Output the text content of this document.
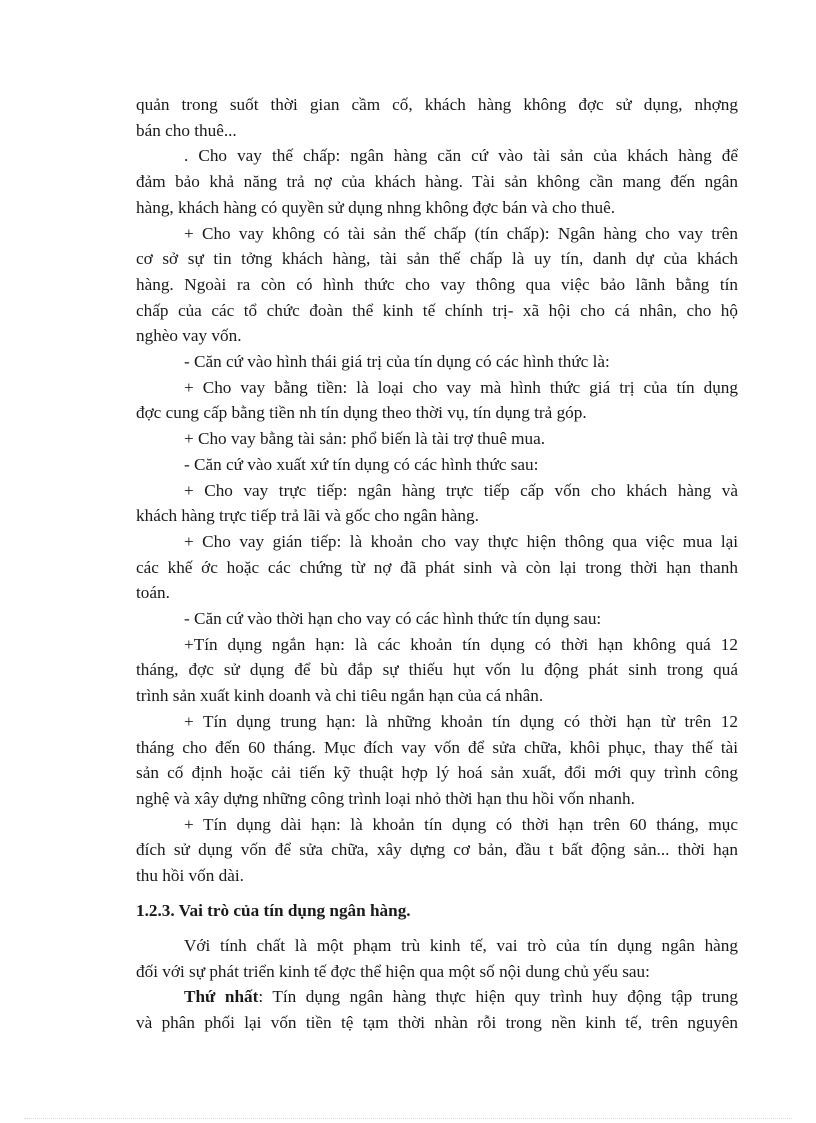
quản trong suốt thời gian cầm cố, khách hàng không đợc sử dụng, nhợng
bán cho thuê...
. Cho vay thế chấp: ngân hàng căn cứ vào tài sản của khách hàng để
đảm bảo khả năng trả nợ của khách hàng. Tài sản không cần mang đến ngân
hàng, khách hàng có quyền sử dụng nhng không đợc bán và cho thuê.
+ Cho vay không có tài sản thế chấp (tín chấp): Ngân hàng cho vay trên
cơ sở sự tin tởng khách hàng, tài sản thế chấp là uy tín, danh dự của khách
hàng. Ngoài ra còn có hình thức cho vay thông qua việc bảo lãnh bằng tín
chấp của các tổ chức đoàn thể kinh tế chính trị- xã hội cho cá nhân, cho hộ
nghèo vay vốn.
- Căn cứ vào hình thái giá trị của tín dụng có các hình thức là:
+ Cho vay bằng tiền: là loại cho vay mà hình thức giá trị của tín dụng
đợc cung cấp bằng tiền nh tín dụng theo thời vụ, tín dụng trả góp.
+ Cho vay bằng tài sản: phổ biến là tài trợ thuê mua.
- Căn cứ vào xuất xứ tín dụng có các hình thức sau:
+ Cho vay trực tiếp: ngân hàng trực tiếp cấp vốn cho khách hàng và
khách hàng trực tiếp trả lãi và gốc cho ngân hàng.
+ Cho vay gián tiếp: là khoản cho vay thực hiện thông qua việc mua lại
các khế ớc hoặc các chứng từ nợ đã phát sinh và còn lại trong thời hạn thanh
toán.
- Căn cứ vào thời hạn cho vay có các hình thức tín dụng sau:
+Tín dụng ngắn hạn: là các khoản tín dụng có thời hạn không quá 12
tháng, đợc sử dụng để bù đắp sự thiếu hụt vốn lu động phát sinh trong quá
trình sản xuất kinh doanh và chi tiêu ngắn hạn của cá nhân.
+ Tín dụng trung hạn: là những khoản tín dụng có thời hạn từ trên 12
tháng cho đến 60 tháng. Mục đích vay vốn để sửa chữa, khôi phục, thay thế tài
sản cố định hoặc cải tiến kỹ thuật hợp lý hoá sản xuất, đổi mới quy trình công
nghệ và xây dựng những công trình loại nhỏ thời hạn thu hồi vốn nhanh.
+ Tín dụng dài hạn: là khoản tín dụng có thời hạn trên 60 tháng, mục
đích sử dụng vốn để sửa chữa, xây dựng cơ bản, đầu t bất động sản... thời hạn
thu hồi vốn dài.
1.2.3. Vai trò của tín dụng ngân hàng.
Với tính chất là một phạm trù kinh tế, vai trò của tín dụng ngân hàng
đối với sự phát triển kinh tế đợc thể hiện qua một số nội dung chủ yếu sau:
Thứ nhất: Tín dụng ngân hàng thực hiện quy trình huy động tập trung
và phân phối lại vốn tiền tệ tạm thời nhàn rỗi trong nền kinh tế, trên nguyên
